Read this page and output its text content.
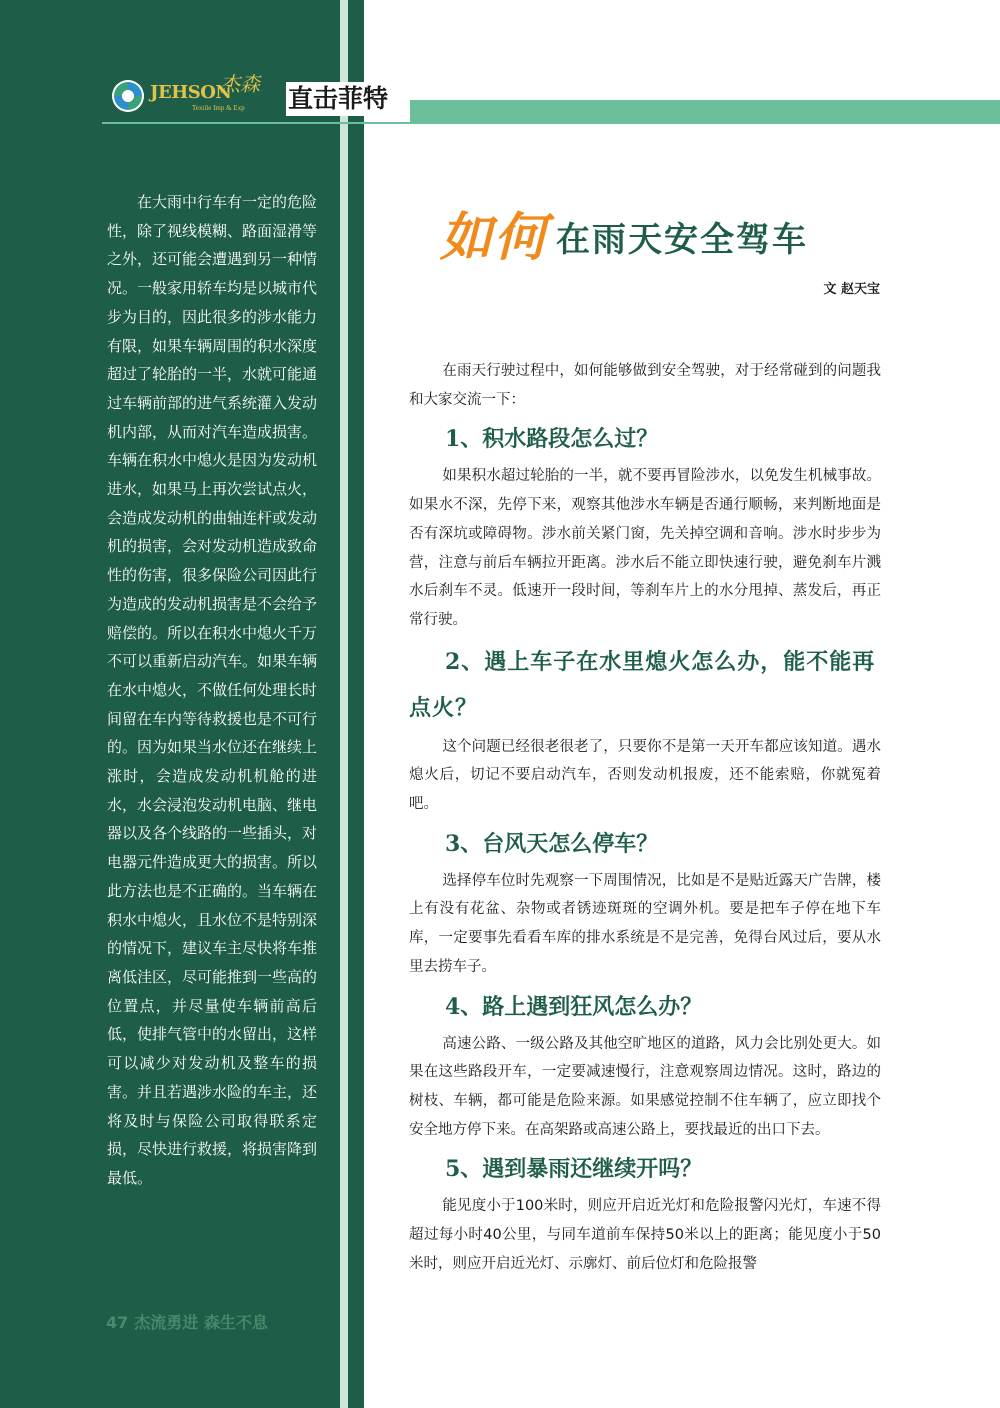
JEHSON
杰森
Textile Imp & Exp 直击菲特
在大雨中行车有一定的危险性，除了视线模糊、路面湿滑等之外，还可能会遭遇到另一种情况。一般家用轿车均是以城市代步为目的，因此很多的涉水能力有限，如果车辆周围的积水深度超过了轮胎的一半，水就可能通过车辆前部的进气系统灌入发动机内部，从而对汽车造成损害。车辆在积水中熄火是因为发动机进水，如果马上再次尝试点火，会造成发动机的曲轴连杆或发动机的损害，会对发动机造成致命性的伤害，很多保险公司因此行为造成的发动机损害是不会给予赔偿的。所以在积水中熄火千万不可以重新启动汽车。如果车辆在水中熄火，不做任何处理长时间留在车内等待救援也是不可行的。因为如果当水位还在继续上涨时，会造成发动机机舱的进水，水会浸泡发动机电脑、继电器以及各个线路的一些插头，对电器元件造成更大的损害。所以此方法也是不正确的。当车辆在积水中熄火，且水位不是特别深的情况下，建议车主尽快将车推离低洼区，尽可能推到一些高的位置点，并尽量使车辆前高后低，使排气管中的水留出，这样可以减少对发动机及整车的损害。并且若遇涉水险的车主，还将及时与保险公司取得联系定损，尽快进行救援，将损害降到最低。
47 杰流勇进 森生不息
如何 在雨天安全驾车
文 赵天宝

在雨天行驶过程中，如何能够做到安全驾驶，对于经常碰到的问题我和大家交流一下：

1、积水路段怎么过？

如果积水超过轮胎的一半，就不要再冒险涉水，以免发生机械事故。如果水不深，先停下来，观察其他涉水车辆是否通行顺畅，来判断地面是否有深坑或障碍物。涉水前关紧门窗，先关掉空调和音响。涉水时步步为营，注意与前后车辆拉开距离。涉水后不能立即快速行驶，避免刹车片溅水后刹车不灵。低速开一段时间，等刹车片上的水分甩掉、蒸发后，再正常行驶。

2、遇上车子在水里熄火怎么办，能不能再点火？

这个问题已经很老很老了，只要你不是第一天开车都应该知道。遇水熄火后，切记不要启动汽车，否则发动机报废，还不能索赔，你就冤着吧。

3、台风天怎么停车？

选择停车位时先观察一下周围情况，比如是不是贴近露天广告牌，楼上有没有花盆、杂物或者锈迹斑斑的空调外机。要是把车子停在地下车库，一定要事先看看车库的排水系统是不是完善，免得台风过后，要从水里去捞车子。

4、路上遇到狂风怎么办？

高速公路、一级公路及其他空旷地区的道路，风力会比别处更大。如果在这些路段开车，一定要减速慢行，注意观察周边情况。这时，路边的树枝、车辆，都可能是危险来源。如果感觉控制不住车辆了，应立即找个安全地方停下来。在高架路或高速公路上，要找最近的出口下去。

5、遇到暴雨还继续开吗？

能见度小于100米时，则应开启近光灯和危险报警闪光灯，车速不得超过每小时40公里，与同车道前车保持50米以上的距离；能见度小于50米时，则应开启近光灯、示廓灯、前后位灯和危险报警
